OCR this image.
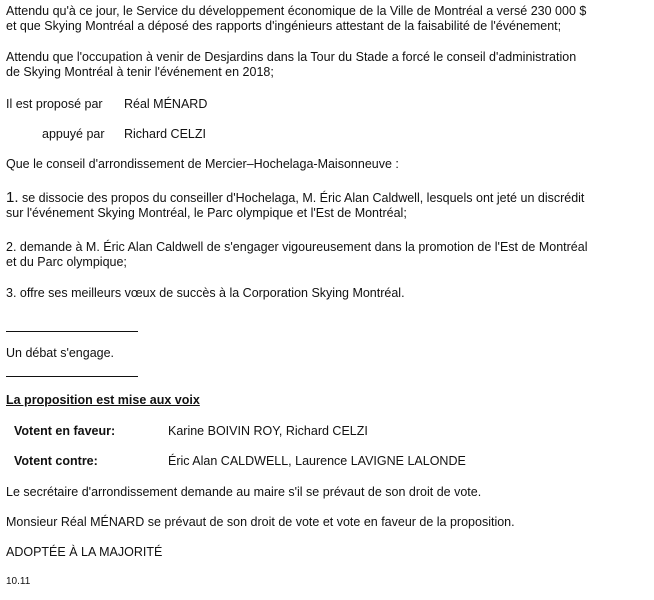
Attendu qu'à ce jour, le Service du développement économique de la Ville de Montréal a versé 230 000 $
et que Skying Montréal a déposé des rapports d'ingénieurs attestant de la faisabilité de l'événement;
Attendu que l'occupation à venir de Desjardins dans la Tour du Stade a forcé le conseil d'administration
de Skying Montréal à tenir l'événement en 2018;
Il est proposé par Réal MÉNARD
appuyé par Richard CELZI
Que le conseil d'arrondissement de Mercier–Hochelaga-Maisonneuve :
1. se dissocie des propos du conseiller d'Hochelaga, M. Éric Alan Caldwell, lesquels ont jeté un discrédit
sur l'événement Skying Montréal, le Parc olympique et l'Est de Montréal;
2. demande à M. Éric Alan Caldwell de s'engager vigoureusement dans la promotion de l'Est de Montréal
et du Parc olympique;
3. offre ses meilleurs vœux de succès à la Corporation Skying Montréal.
Un débat s'engage.
La proposition est mise aux voix
Votent en faveur:	Karine BOIVIN ROY, Richard CELZI
Votent contre:	Éric Alan CALDWELL, Laurence LAVIGNE LALONDE
Le secrétaire d'arrondissement demande au maire s'il se prévaut de son droit de vote.
Monsieur Réal MÉNARD se prévaut de son droit de vote et vote en faveur de la proposition.
ADOPTÉE À LA MAJORITÉ
10.11
